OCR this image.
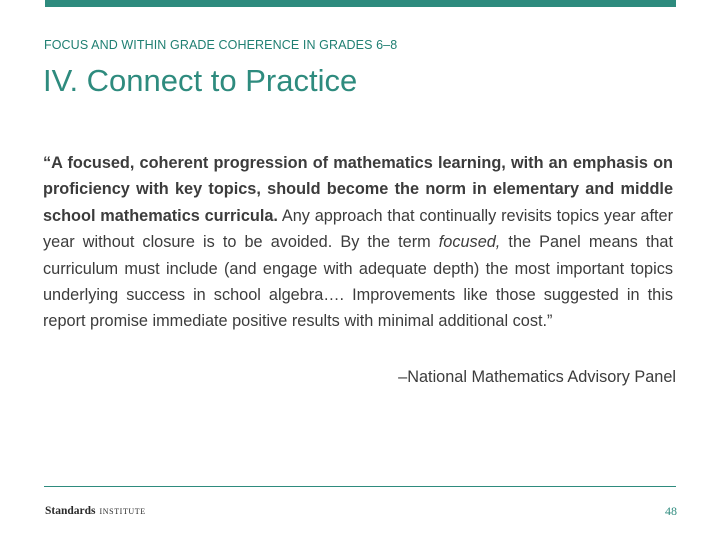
FOCUS AND WITHIN GRADE COHERENCE IN GRADES 6–8
IV. Connect to Practice

“A focused, coherent progression of mathematics learning, with an emphasis on proficiency with key topics, should become the norm in elementary and middle school mathematics curricula. Any approach that continually revisits topics year after year without closure is to be avoided. By the term focused, the Panel means that curriculum must include (and engage with adequate depth) the most important topics underlying success in school algebra…. Improvements like those suggested in this report promise immediate positive results with minimal additional cost.”

–National Mathematics Advisory Panel
Standards INSTITUTE	48
